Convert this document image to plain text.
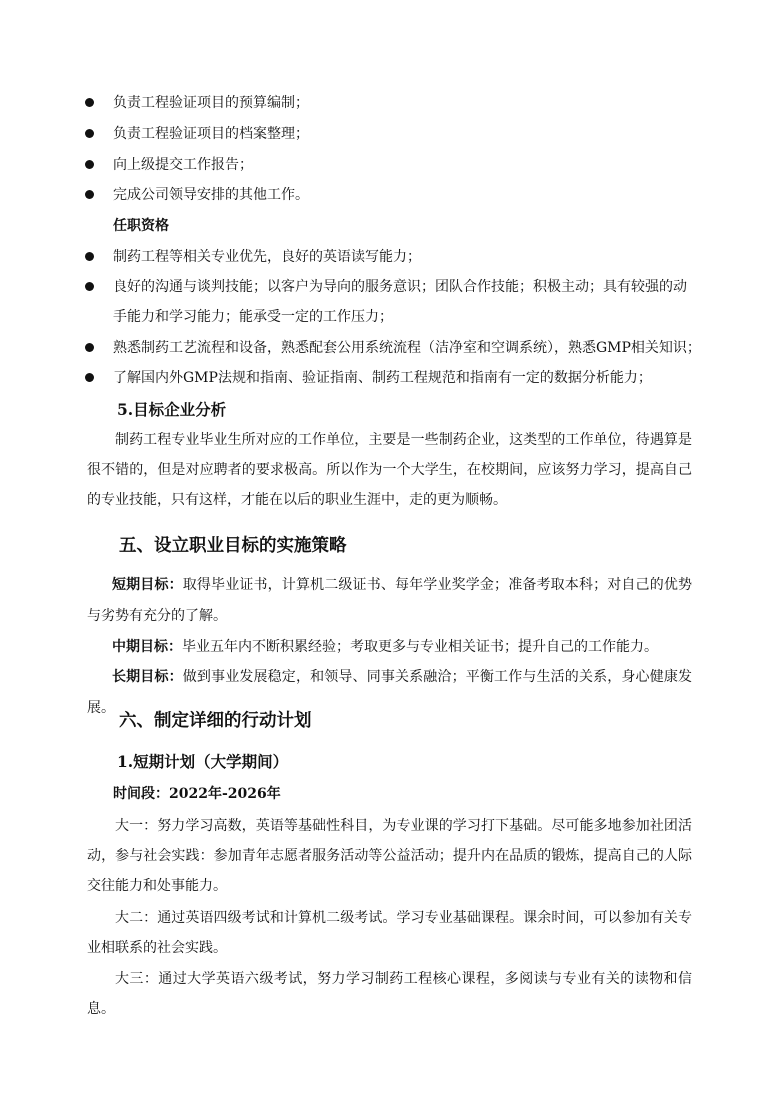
负责工程验证项目的预算编制；
负责工程验证项目的档案整理；
向上级提交工作报告；
完成公司领导安排的其他工作。
任职资格
制药工程等相关专业优先，良好的英语读写能力；
良好的沟通与谈判技能；以客户为导向的服务意识；团队合作技能；积极主动；具有较强的动手能力和学习能力；能承受一定的工作压力；
熟悉制药工艺流程和设备，熟悉配套公用系统流程（洁净室和空调系统），熟悉GMP相关知识；
了解国内外GMP法规和指南、验证指南、制药工程规范和指南有一定的数据分析能力；
5.目标企业分析
制药工程专业毕业生所对应的工作单位，主要是一些制药企业，这类型的工作单位，待遇算是很不错的，但是对应聘者的要求极高。所以作为一个大学生，在校期间，应该努力学习，提高自己的专业技能，只有这样，才能在以后的职业生涯中，走的更为顺畅。
五、设立职业目标的实施策略
短期目标：取得毕业证书，计算机二级证书、每年学业奖学金；准备考取本科；对自己的优势与劣势有充分的了解。
中期目标：毕业五年内不断积累经验；考取更多与专业相关证书；提升自己的工作能力。
长期目标：做到事业发展稳定，和领导、同事关系融洽；平衡工作与生活的关系，身心健康发展。
六、制定详细的行动计划
1.短期计划（大学期间）
时间段：2022年-2026年
大一：努力学习高数，英语等基础性科目，为专业课的学习打下基础。尽可能多地参加社团活动，参与社会实践：参加青年志愿者服务活动等公益活动；提升内在品质的锻炼，提高自己的人际交往能力和处事能力。
大二：通过英语四级考试和计算机二级考试。学习专业基础课程。课余时间，可以参加有关专业相联系的社会实践。
大三：通过大学英语六级考试，努力学习制药工程核心课程，多阅读与专业有关的读物和信息。
